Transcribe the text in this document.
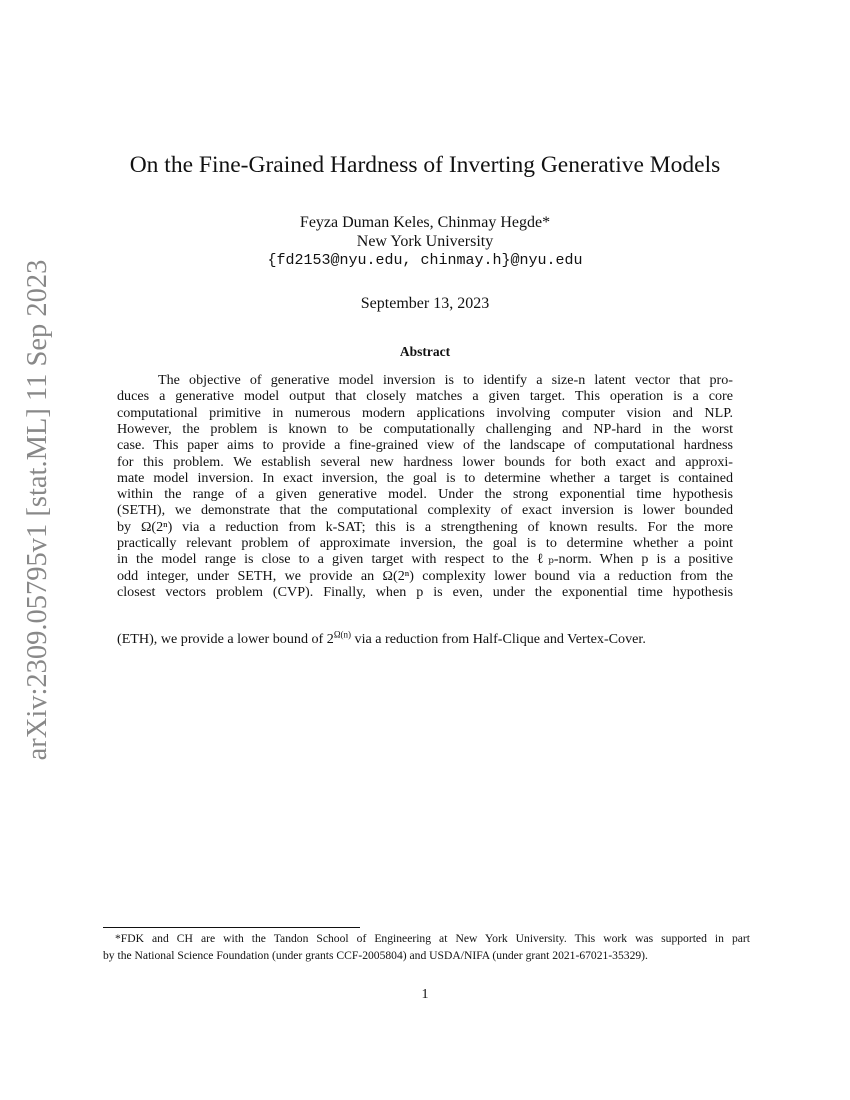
arXiv:2309.05795v1 [stat.ML] 11 Sep 2023
On the Fine-Grained Hardness of Inverting Generative Models
Feyza Duman Keles, Chinmay Hegde*
New York University
{fd2153@nyu.edu, chinmay.h}@nyu.edu
September 13, 2023
Abstract
The objective of generative model inversion is to identify a size-n latent vector that pro-
duces a generative model output that closely matches a given target. This operation is a core
computational primitive in numerous modern applications involving computer vision and NLP.
However, the problem is known to be computationally challenging and NP-hard in the worst
case. This paper aims to provide a fine-grained view of the landscape of computational hardness
for this problem. We establish several new hardness lower bounds for both exact and approxi-
mate model inversion. In exact inversion, the goal is to determine whether a target is contained
within the range of a given generative model. Under the strong exponential time hypothesis
(SETH), we demonstrate that the computational complexity of exact inversion is lower bounded
by Ω(2ⁿ) via a reduction from k-SAT; this is a strengthening of known results. For the more
practically relevant problem of approximate inversion, the goal is to determine whether a point
in the model range is close to a given target with respect to the ℓₚ-norm. When p is a positive
odd integer, under SETH, we provide an Ω(2ⁿ) complexity lower bound via a reduction from the
closest vectors problem (CVP). Finally, when p is even, under the exponential time hypothesis
(ETH), we provide a lower bound of $2^{\Omega(n)}$ via a reduction from Half-Clique and Vertex-Cover.
*FDK and CH are with the Tandon School of Engineering at New York University. This work was supported in part
by the National Science Foundation (under grants CCF-2005804) and USDA/NIFA (under grant 2021-67021-35329).
1
